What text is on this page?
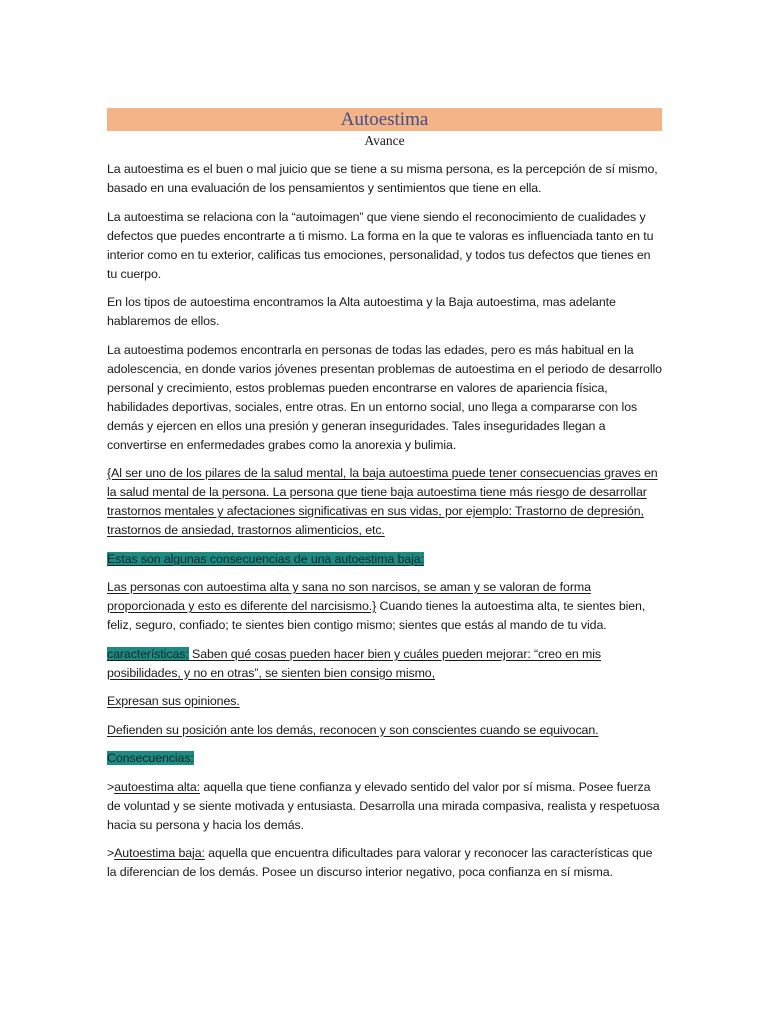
Autoestima
Avance

La autoestima es el buen o mal juicio que se tiene a su misma persona, es la percepción de sí mismo, basado en una evaluación de los pensamientos y sentimientos que tiene en ella.

La autoestima se relaciona con la “autoimagen” que viene siendo el reconocimiento de cualidades y defectos que puedes encontrarte a ti mismo. La forma en la que te valoras es influenciada tanto en tu interior como en tu exterior, calificas tus emociones, personalidad, y todos tus defectos que tienes en tu cuerpo.

En los tipos de autoestima encontramos la Alta autoestima y la Baja autoestima, mas adelante hablaremos de ellos.

La autoestima podemos encontrarla en personas de todas las edades, pero es más habitual en la adolescencia, en donde varios jóvenes presentan problemas de autoestima en el periodo de desarrollo personal y crecimiento, estos problemas pueden encontrarse en valores de apariencia física, habilidades deportivas, sociales, entre otras. En un entorno social, uno llega a compararse con los demás y ejercen en ellos una presión y generan inseguridades. Tales inseguridades llegan a convertirse en enfermedades grabes como la anorexia y bulimia.

{Al ser uno de los pilares de la salud mental, la baja autoestima puede tener consecuencias graves en la salud mental de la persona. La persona que tiene baja autoestima tiene más riesgo de desarrollar trastornos mentales y afectaciones significativas en sus vidas, por ejemplo: Trastorno de depresión, trastornos de ansiedad, trastornos alimenticios, etc.

Estas son algunas consecuencias de una autoestima baja:

Las personas con autoestima alta y sana no son narcisos, se aman y se valoran de forma proporcionada y esto es diferente del narcisismo.} Cuando tienes la autoestima alta, te sientes bien, feliz, seguro, confiado; te sientes bien contigo mismo; sientes que estás al mando de tu vida.

características: Saben qué cosas pueden hacer bien y cuáles pueden mejorar: “creo en mis posibilidades, y no en otras”, se sienten bien consigo mismo,

Expresan sus opiniones.

Defienden su posición ante los demás, reconocen y son conscientes cuando se equivocan.

Consecuencias:

>autoestima alta: aquella que tiene confianza y elevado sentido del valor por sí misma. Posee fuerza de voluntad y se siente motivada y entusiasta. Desarrolla una mirada compasiva, realista y respetuosa hacia su persona y hacia los demás.

>Autoestima baja: aquella que encuentra dificultades para valorar y reconocer las características que la diferencian de los demás. Posee un discurso interior negativo, poca confianza en sí misma.
